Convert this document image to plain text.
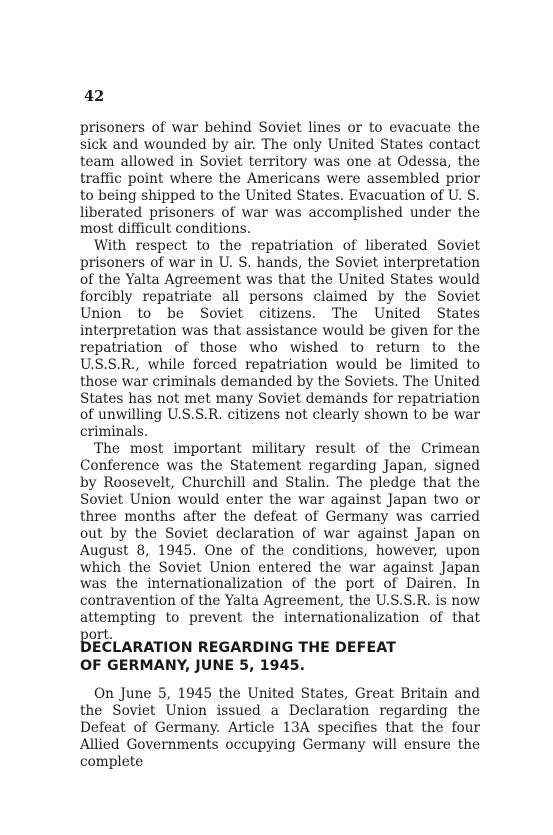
42

prisoners of war behind Soviet lines or to evacuate the sick and wounded by air. The only United States contact team allowed in Soviet territory was one at Odessa, the traffic point where the Americans were assembled prior to being shipped to the United States. Evacuation of U. S. liberated prisoners of war was accomplished under the most difficult conditions.

With respect to the repatriation of liberated Soviet prisoners of war in U. S. hands, the Soviet interpretation of the Yalta Agreement was that the United States would forcibly repatriate all persons claimed by the Soviet Union to be Soviet citizens. The United States interpretation was that assistance would be given for the repatriation of those who wished to return to the U.S.S.R., while forced repatriation would be limited to those war criminals demanded by the Soviets. The United States has not met many Soviet demands for repatriation of unwilling U.S.S.R. citizens not clearly shown to be war criminals.

The most important military result of the Crimean Conference was the Statement regarding Japan, signed by Roosevelt, Churchill and Stalin. The pledge that the Soviet Union would enter the war against Japan two or three months after the defeat of Germany was carried out by the Soviet declaration of war against Japan on August 8, 1945. One of the conditions, however, upon which the Soviet Union entered the war against Japan was the internationalization of the port of Dairen. In contravention of the Yalta Agreement, the U.S.S.R. is now attempting to prevent the internationalization of that port.

DECLARATION REGARDING THE DEFEAT
OF GERMANY, JUNE 5, 1945.

On June 5, 1945 the United States, Great Britain and the Soviet Union issued a Declaration regarding the Defeat of Germany. Article 13A specifies that the four Allied Governments occupying Germany will ensure the complete
